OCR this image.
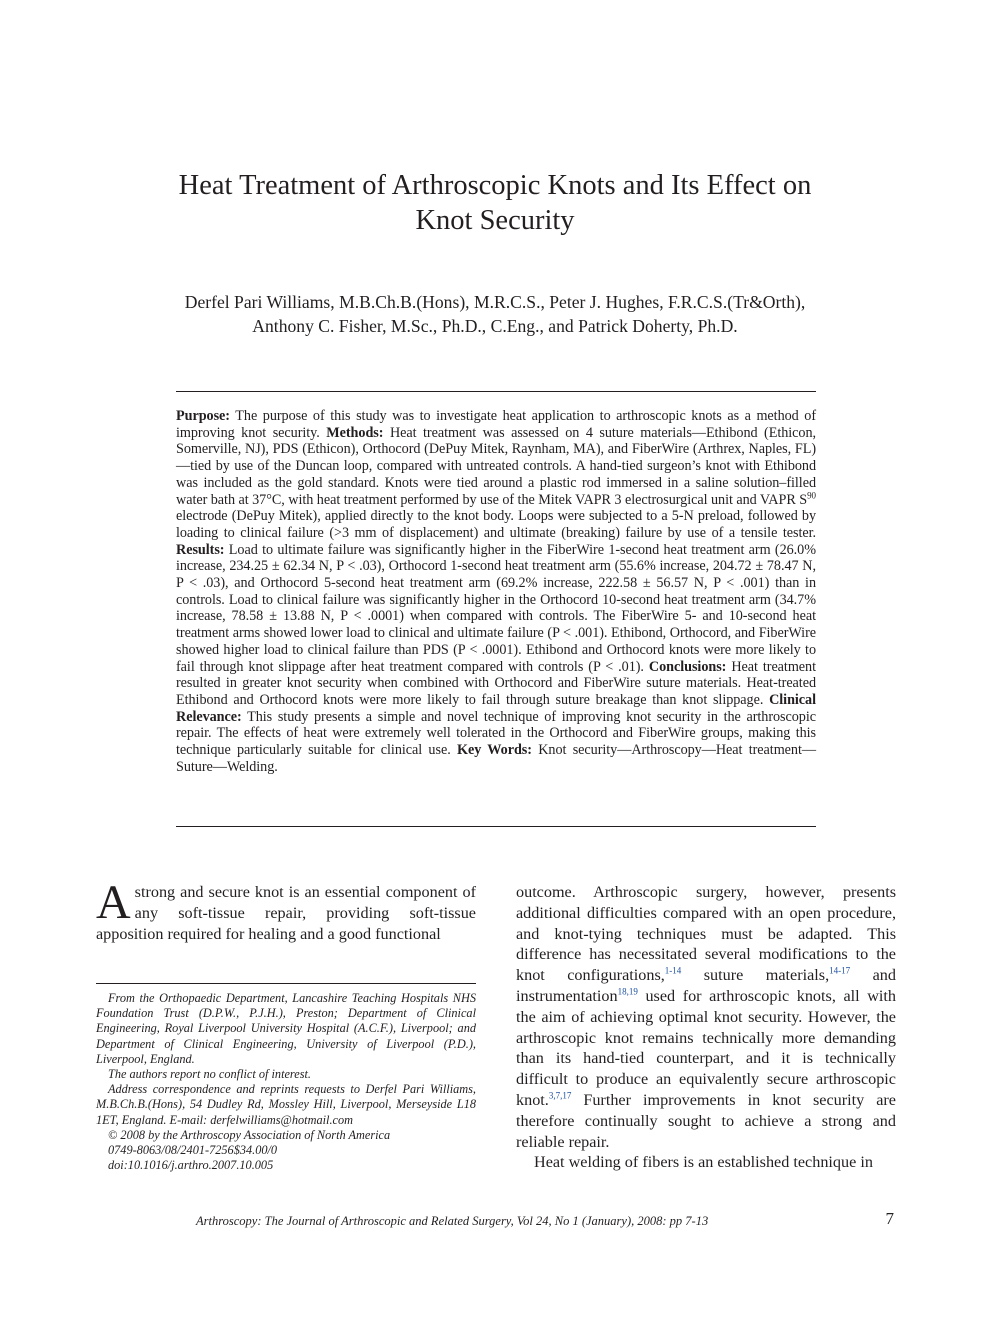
Heat Treatment of Arthroscopic Knots and Its Effect on
Knot Security
Derfel Pari Williams, M.B.Ch.B.(Hons), M.R.C.S., Peter J. Hughes, F.R.C.S.(Tr&Orth),
Anthony C. Fisher, M.Sc., Ph.D., C.Eng., and Patrick Doherty, Ph.D.

Purpose: The purpose of this study was to investigate heat application to arthroscopic knots as a method of improving knot security. Methods: Heat treatment was assessed on 4 suture materials—Ethibond (Ethicon, Somerville, NJ), PDS (Ethicon), Orthocord (DePuy Mitek, Raynham, MA), and FiberWire (Arthrex, Naples, FL)—tied by use of the Duncan loop, compared with untreated controls. A hand-tied surgeon’s knot with Ethibond was included as the gold standard. Knots were tied around a plastic rod immersed in a saline solution–filled water bath at 37°C, with heat treatment performed by use of the Mitek VAPR 3 electrosurgical unit and VAPR $S^{90}$ electrode (DePuy Mitek), applied directly to the knot body. Loops were subjected to a 5-N preload, followed by loading to clinical failure (>3 mm of displacement) and ultimate (breaking) failure by use of a tensile tester. Results: Load to ultimate failure was significantly higher in the FiberWire 1-second heat treatment arm (26.0% increase, 234.25 ± 62.34 N, P < .03), Orthocord 1-second heat treatment arm (55.6% increase, 204.72 ± 78.47 N, P < .03), and Orthocord 5-second heat treatment arm (69.2% increase, 222.58 ± 56.57 N, P < .001) than in controls. Load to clinical failure was significantly higher in the Orthocord 10-second heat treatment arm (34.7% increase, 78.58 ± 13.88 N, P < .0001) when compared with controls. The FiberWire 5- and 10-second heat treatment arms showed lower load to clinical and ultimate failure (P < .001). Ethibond, Orthocord, and FiberWire showed higher load to clinical failure than PDS (P < .0001). Ethibond and Orthocord knots were more likely to fail through knot slippage after heat treatment compared with controls (P < .01). Conclusions: Heat treatment resulted in greater knot security when combined with Orthocord and FiberWire suture materials. Heat-treated Ethibond and Orthocord knots were more likely to fail through suture breakage than knot slippage. Clinical Relevance: This study presents a simple and novel technique of improving knot security in the arthroscopic repair. The effects of heat were extremely well tolerated in the Orthocord and FiberWire groups, making this technique particularly suitable for clinical use. Key Words: Knot security—Arthroscopy—Heat treatment—Suture—Welding.

A strong and secure knot is an essential component of any soft-tissue repair, providing soft-tissue apposition required for healing and a good functional

From the Orthopaedic Department, Lancashire Teaching Hospitals NHS Foundation Trust (D.P.W., P.J.H.), Preston; Department of Clinical Engineering, Royal Liverpool University Hospital (A.C.F.), Liverpool; and Department of Clinical Engineering, University of Liverpool (P.D.), Liverpool, England.

The authors report no conflict of interest.

Address correspondence and reprints requests to Derfel Pari Williams, M.B.Ch.B.(Hons), 54 Dudley Rd, Mossley Hill, Liverpool, Merseyside L18 1ET, England. E-mail: derfelwilliams@hotmail.com

© 2008 by the Arthroscopy Association of North America

0749-8063/08/2401-7256$34.00/0

doi:10.1016/j.arthro.2007.10.005

outcome. Arthroscopic surgery, however, presents additional difficulties compared with an open procedure, and knot-tying techniques must be adapted. This difference has necessitated several modifications to the knot configurations,$^{1-14}$ suture materials,$^{14-17}$ and instrumentation$^{18,19}$ used for arthroscopic knots, all with the aim of achieving optimal knot security. However, the arthroscopic knot remains technically more demanding than its hand-tied counterpart, and it is technically difficult to produce an equivalently secure arthroscopic knot.$^{3,7,17}$ Further improvements in knot security are therefore continually sought to achieve a strong and reliable repair.

Heat welding of fibers is an established technique in

Arthroscopy: The Journal of Arthroscopic and Related Surgery, Vol 24, No 1 (January), 2008: pp 7-13	7
